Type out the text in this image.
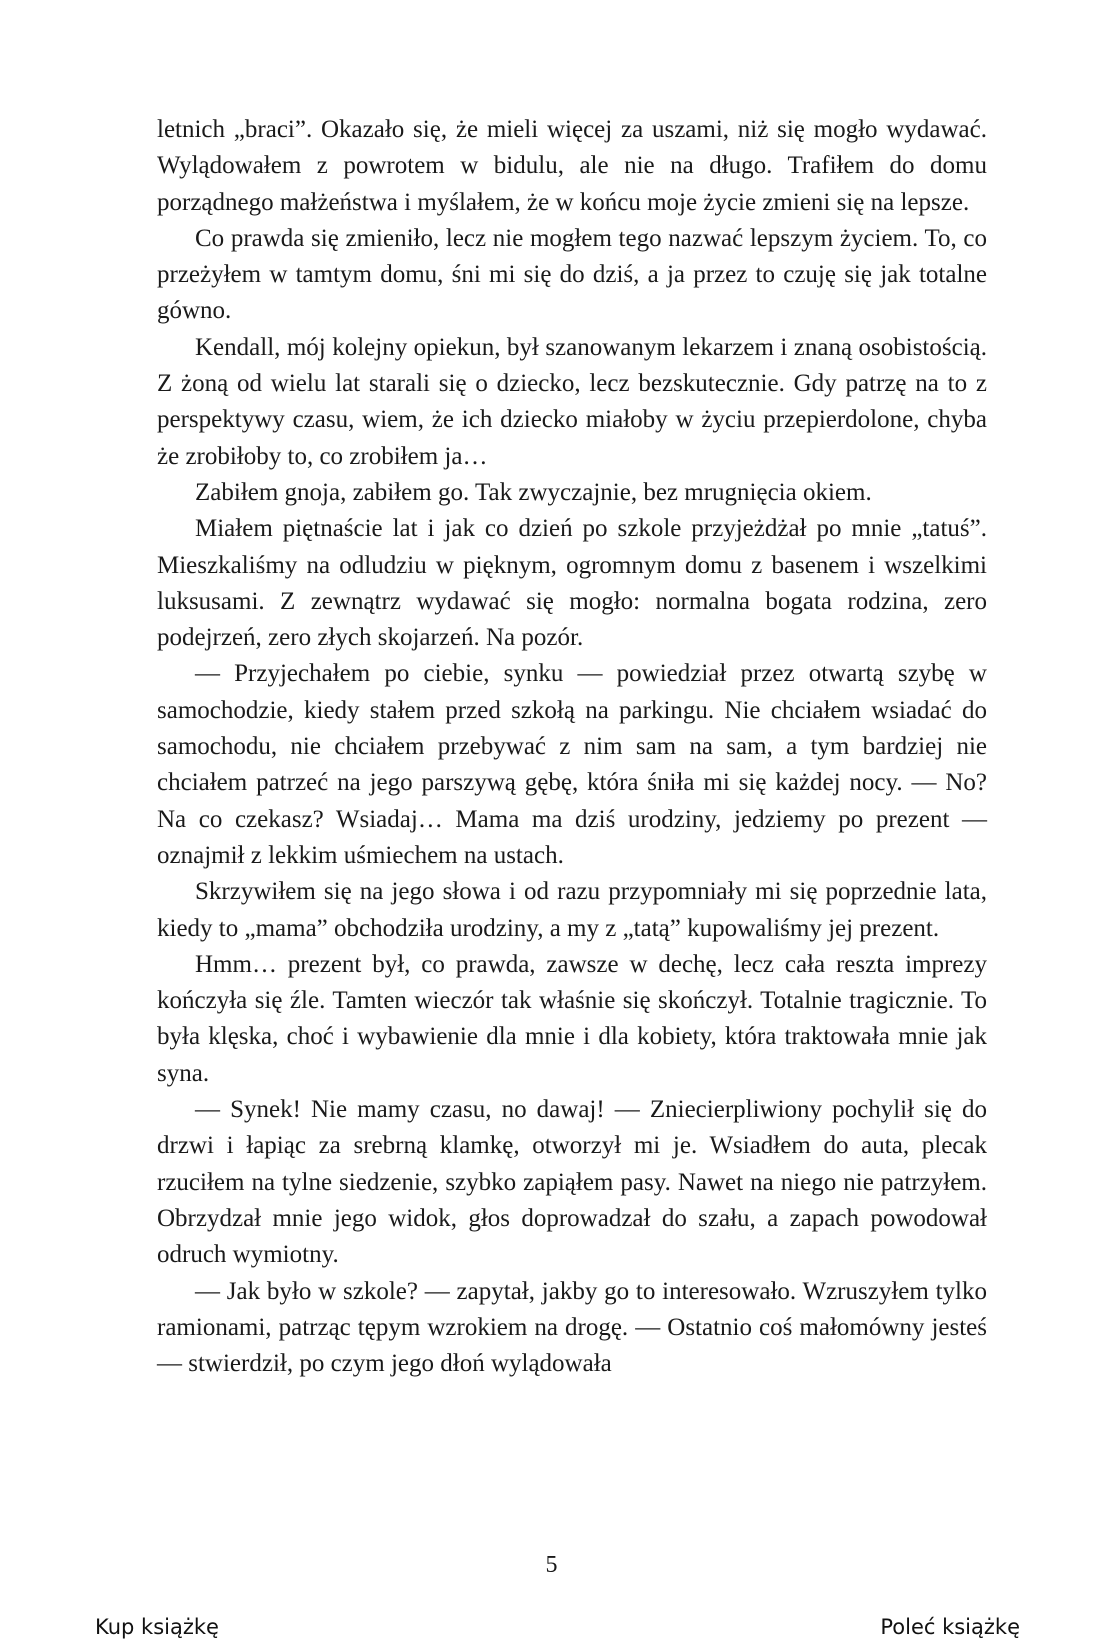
letnich „braci”. Okazało się, że mieli więcej za uszami, niż się mogło wydawać. Wylądowałem z powrotem w bidulu, ale nie na długo. Trafiłem do domu porządnego małżeństwa i myślałem, że w końcu moje życie zmieni się na lepsze.

Co prawda się zmieniło, lecz nie mogłem tego nazwać lepszym życiem. To, co przeżyłem w tamtym domu, śni mi się do dziś, a ja przez to czuję się jak totalne gówno.

Kendall, mój kolejny opiekun, był szanowanym lekarzem i znaną osobistością. Z żoną od wielu lat starali się o dziecko, lecz bezskutecznie. Gdy patrzę na to z perspektywy czasu, wiem, że ich dziecko miałoby w życiu przepierdolone, chyba że zrobiłoby to, co zrobiłem ja…

Zabiłem gnoja, zabiłem go. Tak zwyczajnie, bez mrugnięcia okiem.

Miałem piętnaście lat i jak co dzień po szkole przyjeżdżał po mnie „tatuś”. Mieszkaliśmy na odludziu w pięknym, ogromnym domu z basenem i wszelkimi luksusami. Z zewnątrz wydawać się mogło: normalna bogata rodzina, zero podejrzeń, zero złych skojarzeń. Na pozór.

— Przyjechałem po ciebie, synku — powiedział przez otwartą szybę w samochodzie, kiedy stałem przed szkołą na parkingu. Nie chciałem wsiadać do samochodu, nie chciałem przebywać z nim sam na sam, a tym bardziej nie chciałem patrzeć na jego parszywą gębę, która śniła mi się każdej nocy. — No? Na co czekasz? Wsiadaj… Mama ma dziś urodziny, jedziemy po prezent — oznajmił z lekkim uśmiechem na ustach.

Skrzywiłem się na jego słowa i od razu przypomniały mi się poprzednie lata, kiedy to „mama” obchodziła urodziny, a my z „tatą” kupowaliśmy jej prezent.

Hmm… prezent był, co prawda, zawsze w dechę, lecz cała reszta imprezy kończyła się źle. Tamten wieczór tak właśnie się skończył. Totalnie tragicznie. To była klęska, choć i wybawienie dla mnie i dla kobiety, która traktowała mnie jak syna.

— Synek! Nie mamy czasu, no dawaj! — Zniecierpliwiony pochylił się do drzwi i łapiąc za srebrną klamkę, otworzył mi je. Wsiadłem do auta, plecak rzuciłem na tylne siedzenie, szybko zapiąłem pasy. Nawet na niego nie patrzyłem. Obrzydzał mnie jego widok, głos doprowadzał do szału, a zapach powodował odruch wymiotny.

— Jak było w szkole? — zapytał, jakby go to interesowało. Wzruszyłem tylko ramionami, patrząc tępym wzrokiem na drogę. — Ostatnio coś małomówny jesteś — stwierdził, po czym jego dłoń wylądowała

5
Kup książkę	Poleć książkę
